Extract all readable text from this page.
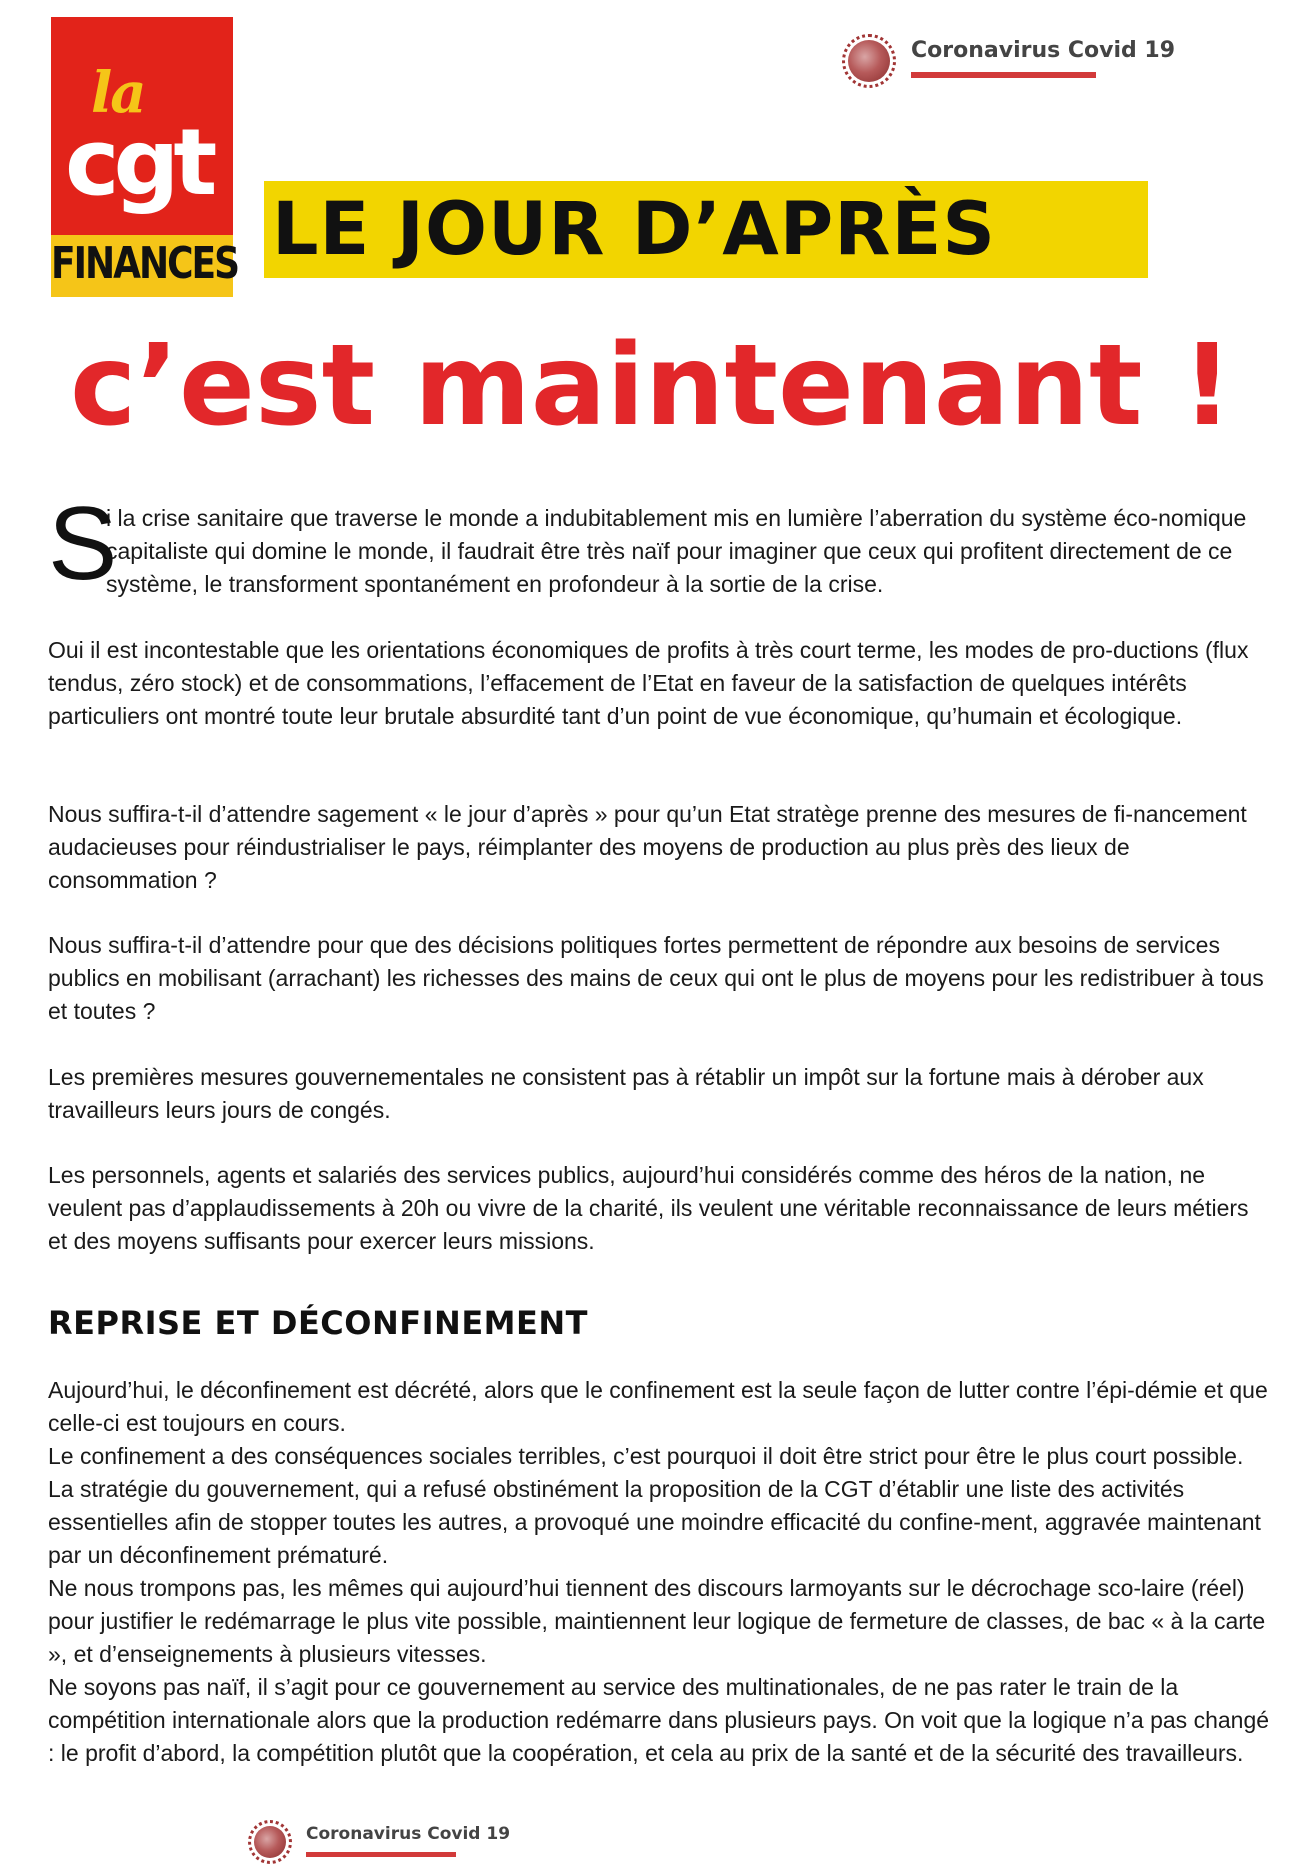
la
cgt
FINANCES
Coronavirus Covid 19
LE JOUR D’APRÈS
c’est maintenant !
S

i la crise sanitaire que traverse le monde a indubitablement mis en lumière l’aberration du système éco-nomique capitaliste qui domine le monde, il faudrait être très naïf pour imaginer que ceux qui profitent directement de ce système, le transforment spontanément en profondeur à la sortie de la crise.

Oui il est incontestable que les orientations économiques de profits à très court terme, les modes de pro-ductions (flux tendus, zéro stock) et de consommations, l’effacement de l’Etat en faveur de la satisfaction de quelques intérêts particuliers ont montré toute leur brutale absurdité tant d’un point de vue économique, qu’humain et écologique.

Nous suffira-t-il d’attendre sagement « le jour d’après » pour qu’un Etat stratège prenne des mesures de fi-nancement audacieuses pour réindustrialiser le pays, réimplanter des moyens de production au plus près des lieux de consommation ?

Nous suffira-t-il d’attendre pour que des décisions politiques fortes permettent de répondre aux besoins de services publics en mobilisant (arrachant) les richesses des mains de ceux qui ont le plus de moyens pour les redistribuer à tous et toutes ?

Les premières mesures gouvernementales ne consistent pas à rétablir un impôt sur la fortune mais à dérober aux travailleurs leurs jours de congés.

Les personnels, agents et salariés des services publics, aujourd’hui considérés comme des héros de la nation, ne veulent pas d’applaudissements à 20h ou vivre de la charité, ils veulent une véritable reconnaissance de leurs métiers et des moyens suffisants pour exercer leurs missions.

REPRISE ET DÉCONFINEMENT

Aujourd’hui, le déconfinement est décrété, alors que le confinement est la seule façon de lutter contre l’épi-démie et que celle-ci est toujours en cours.

Le confinement a des conséquences sociales terribles, c’est pourquoi il doit être strict pour être le plus court possible. La stratégie du gouvernement, qui a refusé obstinément la proposition de la CGT d’établir une liste des activités essentielles afin de stopper toutes les autres, a provoqué une moindre efficacité du confine-ment, aggravée maintenant par un déconfinement prématuré.

Ne nous trompons pas, les mêmes qui aujourd’hui tiennent des discours larmoyants sur le décrochage sco-laire (réel) pour justifier le redémarrage le plus vite possible, maintiennent leur logique de fermeture de classes, de bac « à la carte », et d’enseignements à plusieurs vitesses.

Ne soyons pas naïf, il s’agit pour ce gouvernement au service des multinationales, de ne pas rater le train de la compétition internationale alors que la production redémarre dans plusieurs pays. On voit que la logique n’a pas changé : le profit d’abord, la compétition plutôt que la coopération, et cela au prix de la santé et de la sécurité des travailleurs.

Coronavirus Covid 19
